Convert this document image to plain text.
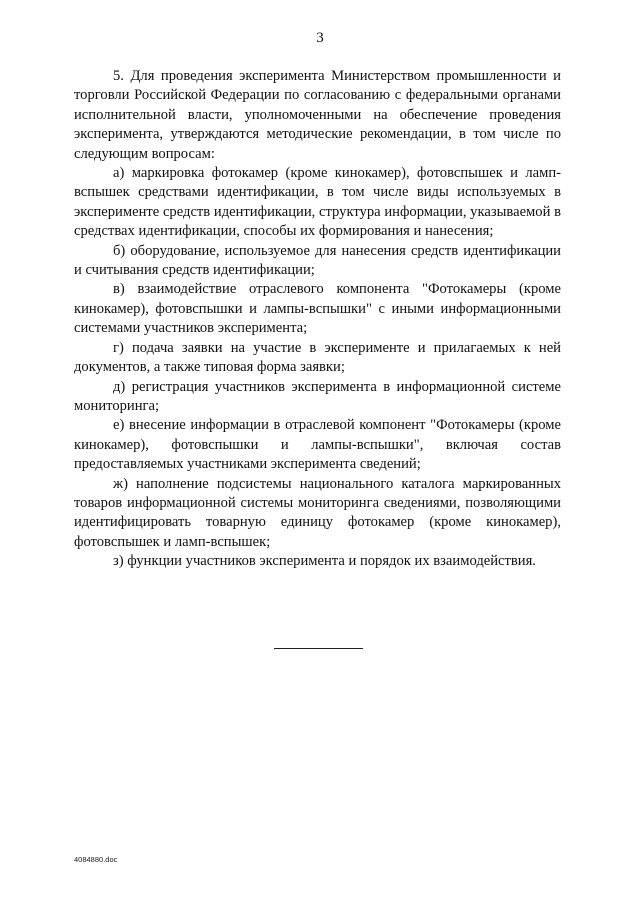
3

5. Для проведения эксперимента Министерством промышленности и торговли Российской Федерации по согласованию с федеральными органами исполнительной власти, уполномоченными на обеспечение проведения эксперимента, утверждаются методические рекомендации, в том числе по следующим вопросам:

а) маркировка фотокамер (кроме кинокамер), фотовспышек и ламп-вспышек средствами идентификации, в том числе виды используемых в эксперименте средств идентификации, структура информации, указываемой в средствах идентификации, способы их формирования и нанесения;

б) оборудование, используемое для нанесения средств идентификации и считывания средств идентификации;

в) взаимодействие отраслевого компонента "Фотокамеры (кроме кинокамер), фотовспышки и лампы-вспышки" с иными информационными системами участников эксперимента;

г) подача заявки на участие в эксперименте и прилагаемых к ней документов, а также типовая форма заявки;

д) регистрация участников эксперимента в информационной системе мониторинга;

е) внесение информации в отраслевой компонент "Фотокамеры (кроме кинокамер), фотовспышки и лампы-вспышки", включая состав предоставляемых участниками эксперимента сведений;

ж) наполнение подсистемы национального каталога маркированных товаров информационной системы мониторинга сведениями, позволяющими идентифицировать товарную единицу фотокамер (кроме кинокамер), фотовспышек и ламп-вспышек;

з) функции участников эксперимента и порядок их взаимодействия.

4084880.doc
